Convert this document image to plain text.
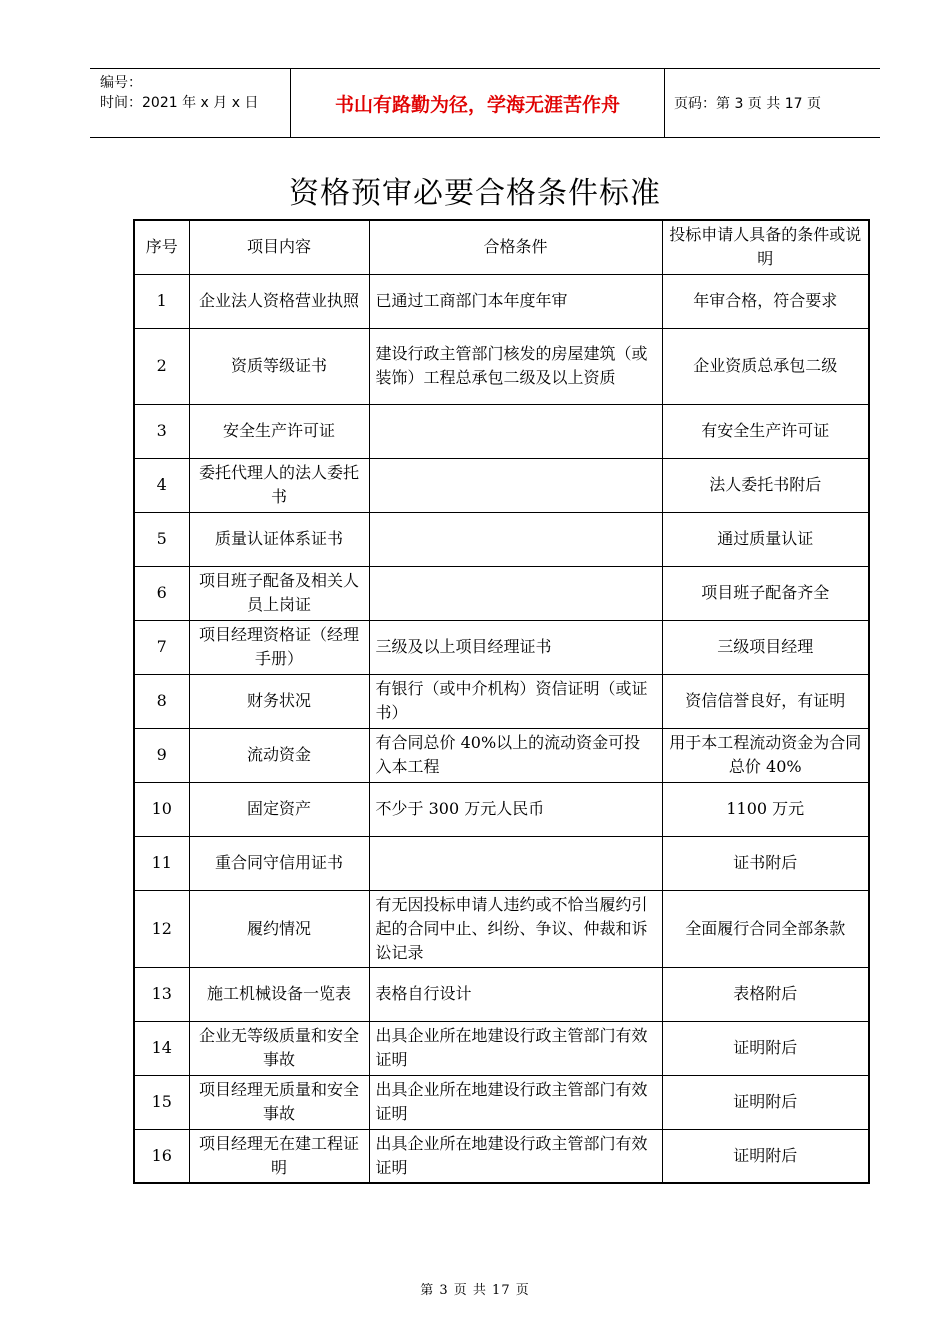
编号：
时间：2021 年 x 月 x 日	书山有路勤为径，学海无涯苦作舟	页码：第 3 页 共 17 页
资格预审必要合格条件标准
序号	项目内容	合格条件	投标申请人具备的条件或说明
1	企业法人资格营业执照	已通过工商部门本年度年审	年审合格，符合要求
2	资质等级证书	建设行政主管部门核发的房屋建筑（或装饰）工程总承包二级及以上资质	企业资质总承包二级
3	安全生产许可证		有安全生产许可证
4	委托代理人的法人委托书		法人委托书附后
5	质量认证体系证书		通过质量认证
6	项目班子配备及相关人员上岗证		项目班子配备齐全
7	项目经理资格证（经理手册）	三级及以上项目经理证书	三级项目经理
8	财务状况	有银行（或中介机构）资信证明（或证书）	资信信誉良好，有证明
9	流动资金	有合同总价 40%以上的流动资金可投入本工程	用于本工程流动资金为合同总价 40%
10	固定资产	不少于 300 万元人民币	1100 万元
11	重合同守信用证书		证书附后
12	履约情况	有无因投标申请人违约或不恰当履约引起的合同中止、纠纷、争议、仲裁和诉讼记录	全面履行合同全部条款
13	施工机械设备一览表	表格自行设计	表格附后
14	企业无等级质量和安全事故	出具企业所在地建设行政主管部门有效证明	证明附后
15	项目经理无质量和安全事故	出具企业所在地建设行政主管部门有效证明	证明附后
16	项目经理无在建工程证明	出具企业所在地建设行政主管部门有效证明	证明附后
第 3 页 共 17 页
